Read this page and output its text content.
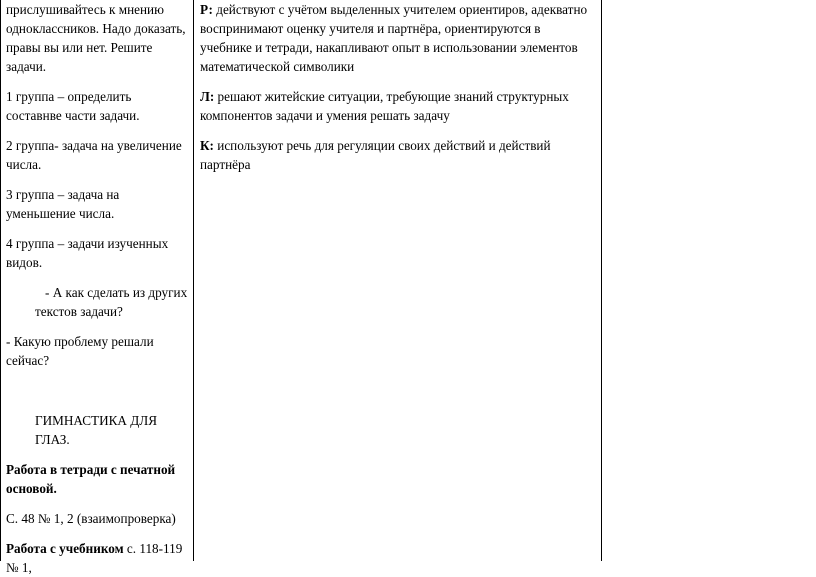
прислушивайтесь к мнению одноклассников. Надо доказать, правы вы или нет. Решите задачи.

1 группа – определить составнве части задачи.

2 группа- задача на увеличение числа.

3 группа – задача на уменьшение числа.

4 группа – задачи изученных видов.

- А как сделать из других текстов задачи?

- Какую проблему решали сейчас?

ГИМНАСТИКА ДЛЯ ГЛАЗ.

Работа в тетради с печатной основой.

С. 48 № 1, 2 (взаимопроверка)

Работа с учебником с. 118-119 № 1,

Р: действуют с учётом выделенных учителем ориентиров, адекватно воспринимают оценку учителя и партнёра, ориентируются в учебнике и тетради, накапливают опыт в использовании элементов математической символики

Л: решают житейские ситуации, требующие знаний структурных компонентов задачи и умения решать задачу

К: используют речь для регуляции своих действий и действий партнёра
